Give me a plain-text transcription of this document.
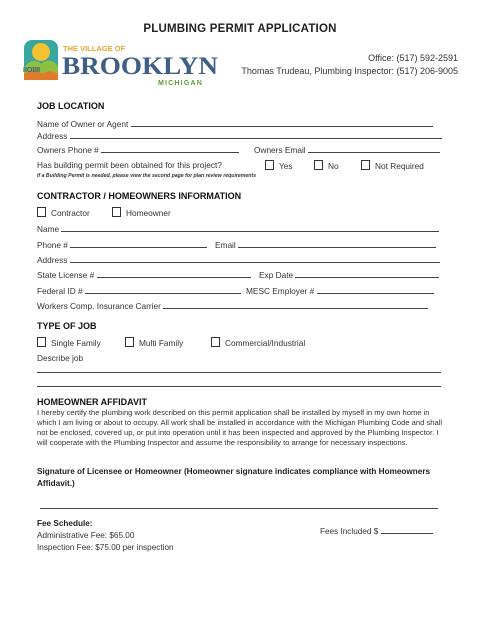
PLUMBING PERMIT APPLICATION
IIOIIII
THE VILLAGE OF
BROOKLYN
MICHIGAN
Office: (517) 592-2591
Thomas Trudeau, Plumbing Inspector: (517) 206-9005
JOB LOCATION
Name of Owner or Agent
Address
Owners Phone #	Owners Email
Has building permit been obtained for this project?	Yes	No	Not Required
If a Building Permit is needed, please view the second page for plan review requirements
CONTRACTOR / HOMEOWNERS INFORMATION
Contractor	Homeowner
Name
Phone #	Email
Address
State License #	Exp Date
Federal ID #	MESC Employer #
Workers Comp. Insurance Carrier
TYPE OF JOB
Single Family	Multi Family	Commercial/Industrial
Describe job
HOMEOWNER AFFIDAVIT
I hereby certify the plumbing work described on this permit application shall be installed by myself in my own home in which I am living or about to occupy. All work shall be installed in accordance with the Michigan Plumbing Code and shall not be enclosed, covered up, or put into operation until it has been inspected and approved by the Plumbing Inspector. I will cooperate with the Plumbing Inspector and assume the responsibility to arrange for necessary inspections.
Signature of Licensee or Homeowner (Homeowner signature indicates compliance with Homeowners Affidavit.)
Fee Schedule:
Administrative Fee: $65.00
Inspection Fee: $75.00 per inspection
Fees Included $
